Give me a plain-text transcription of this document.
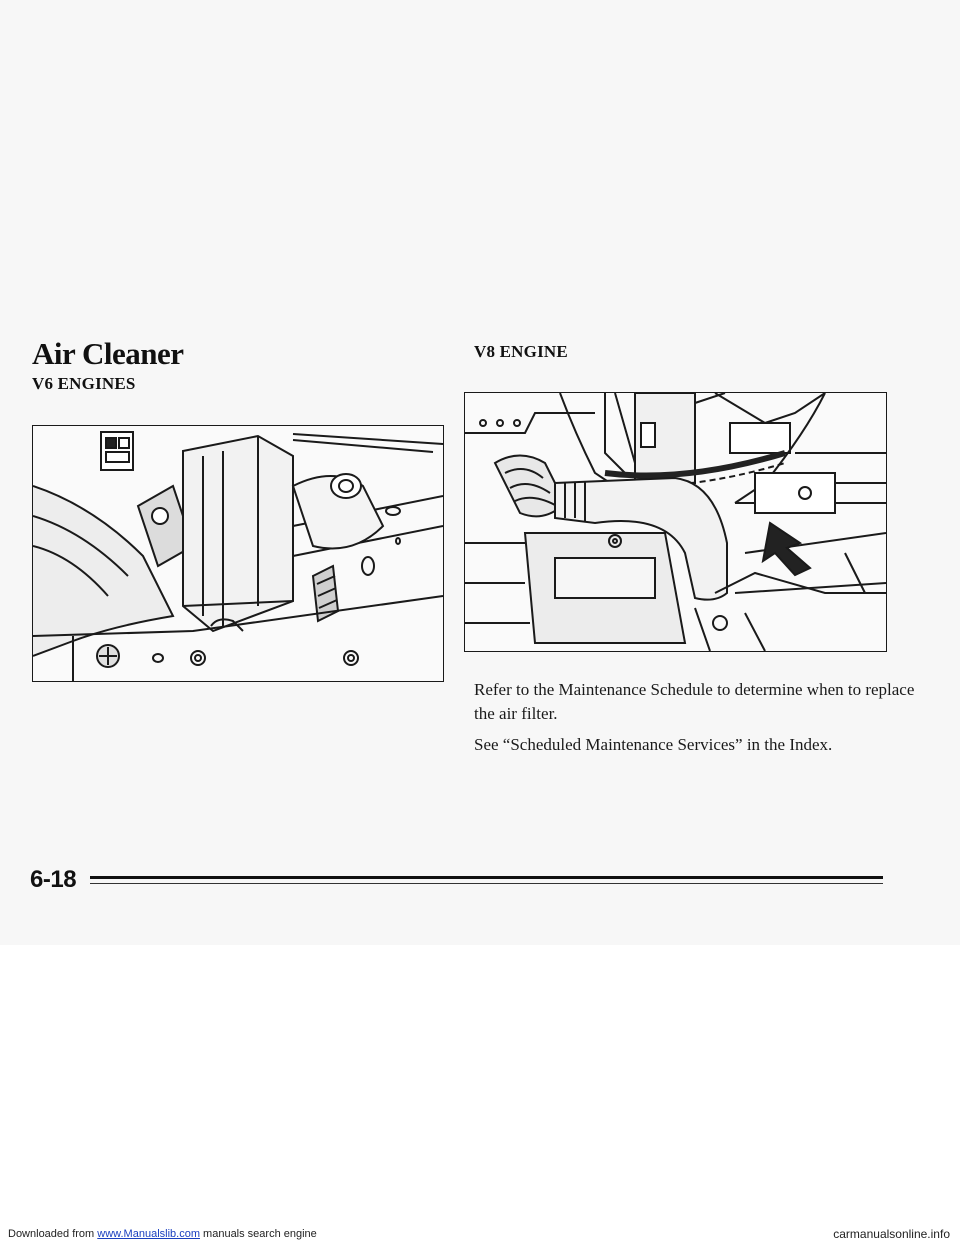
Air Cleaner
V6 ENGINES
V8 ENGINE

Refer to the Maintenance Schedule to determine when to replace the air filter.

See “Scheduled Maintenance Services” in the Index.

6-18
Downloaded from www.Manualslib.com manuals search engine	carmanualsonline.info
